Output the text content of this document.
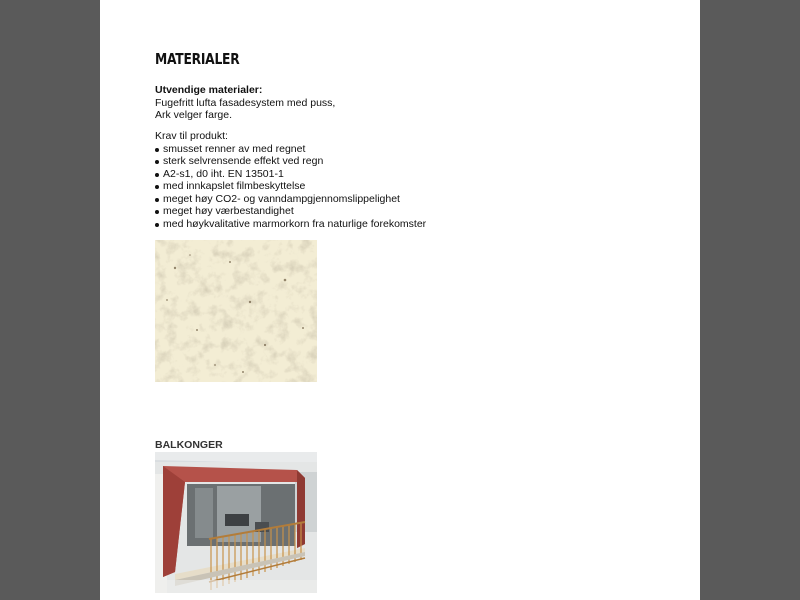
MATERIALER
Utvendige materialer:
Fugefritt lufta fasadesystem med puss,
Ark velger farge.
Krav til produkt:
smusset renner av med regnet
sterk selvrensende effekt ved regn
A2-s1, d0 iht. EN 13501-1
med innkapslet filmbeskyttelse
meget høy CO2- og vanndampgjennomslippelighet
meget høy værbestandighet
med høykvalitative marmorkorn fra naturlige forekomster
BALKONGER
